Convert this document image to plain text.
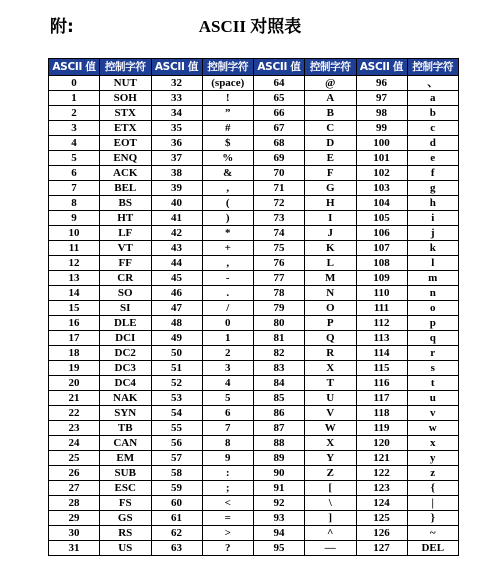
附:	ASCII 对照表
ASCII 值	控制字符	ASCII 值	控制字符	ASCII 值	控制字符	ASCII 值	控制字符
0	NUT	32	(space)	64	@	96	、
1	SOH	33	!	65	A	97	a
2	STX	34	”	66	B	98	b
3	ETX	35	#	67	C	99	c
4	EOT	36	$	68	D	100	d
5	ENQ	37	%	69	E	101	e
6	ACK	38	&	70	F	102	f
7	BEL	39	,	71	G	103	g
8	BS	40	(	72	H	104	h
9	HT	41	)	73	I	105	i
10	LF	42	*	74	J	106	j
11	VT	43	+	75	K	107	k
12	FF	44	,	76	L	108	l
13	CR	45	-	77	M	109	m
14	SO	46	.	78	N	110	n
15	SI	47	/	79	O	111	o
16	DLE	48	0	80	P	112	p
17	DCI	49	1	81	Q	113	q
18	DC2	50	2	82	R	114	r
19	DC3	51	3	83	X	115	s
20	DC4	52	4	84	T	116	t
21	NAK	53	5	85	U	117	u
22	SYN	54	6	86	V	118	v
23	TB	55	7	87	W	119	w
24	CAN	56	8	88	X	120	x
25	EM	57	9	89	Y	121	y
26	SUB	58	:	90	Z	122	z
27	ESC	59	;	91	[	123	{
28	FS	60	<	92	\	124	|
29	GS	61	=	93	]	125	}
30	RS	62	>	94	^	126	~
31	US	63	?	95	—	127	DEL
